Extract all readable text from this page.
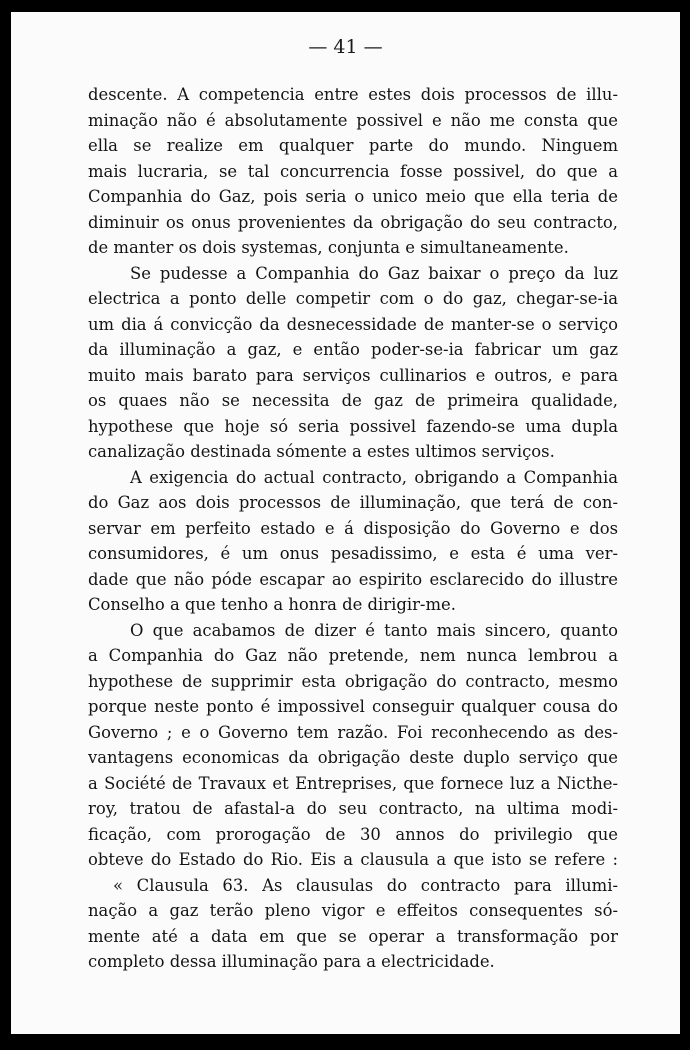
— 41 —

descente. A competencia entre estes dois processos de illu-

minação não é absolutamente possivel e não me consta que

ella se realize em qualquer parte do mundo. Ninguem

mais lucraria, se tal concurrencia fosse possivel, do que a

Companhia do Gaz, pois seria o unico meio que ella teria de

diminuir os onus provenientes da obrigação do seu contracto,

de manter os dois systemas, conjunta e simultaneamente.

Se pudesse a Companhia do Gaz baixar o preço da luz

electrica a ponto delle competir com o do gaz, chegar-se-ia

um dia á convicção da desnecessidade de manter-se o serviço

da illuminação a gaz, e então poder-se-ia fabricar um gaz

muito mais barato para serviços cullinarios e outros, e para

os quaes não se necessita de gaz de primeira qualidade,

hypothese que hoje só seria possivel fazendo-se uma dupla

canalização destinada sómente a estes ultimos serviços.

A exigencia do actual contracto, obrigando a Companhia

do Gaz aos dois processos de illuminação, que terá de con-

servar em perfeito estado e á disposição do Governo e dos

consumidores, é um onus pesadissimo, e esta é uma ver-

dade que não póde escapar ao espirito esclarecido do illustre

Conselho a que tenho a honra de dirigir-me.

O que acabamos de dizer é tanto mais sincero, quanto

a Companhia do Gaz não pretende, nem nunca lembrou a

hypothese de supprimir esta obrigação do contracto, mesmo

porque neste ponto é impossivel conseguir qualquer cousa do

Governo ; e o Governo tem razão. Foi reconhecendo as des-

vantagens economicas da obrigação deste duplo serviço que

a Société de Travaux et Entreprises, que fornece luz a Nicthe-

roy, tratou de afastal-a do seu contracto, na ultima modi-

ficação, com prorogação de 30 annos do privilegio que

obteve do Estado do Rio. Eis a clausula a que isto se refere :

« Clausula 63. As clausulas do contracto para illumi-

nação a gaz terão pleno vigor e effeitos consequentes só-

mente até a data em que se operar a transformação por

completo dessa illuminação para a electricidade.
